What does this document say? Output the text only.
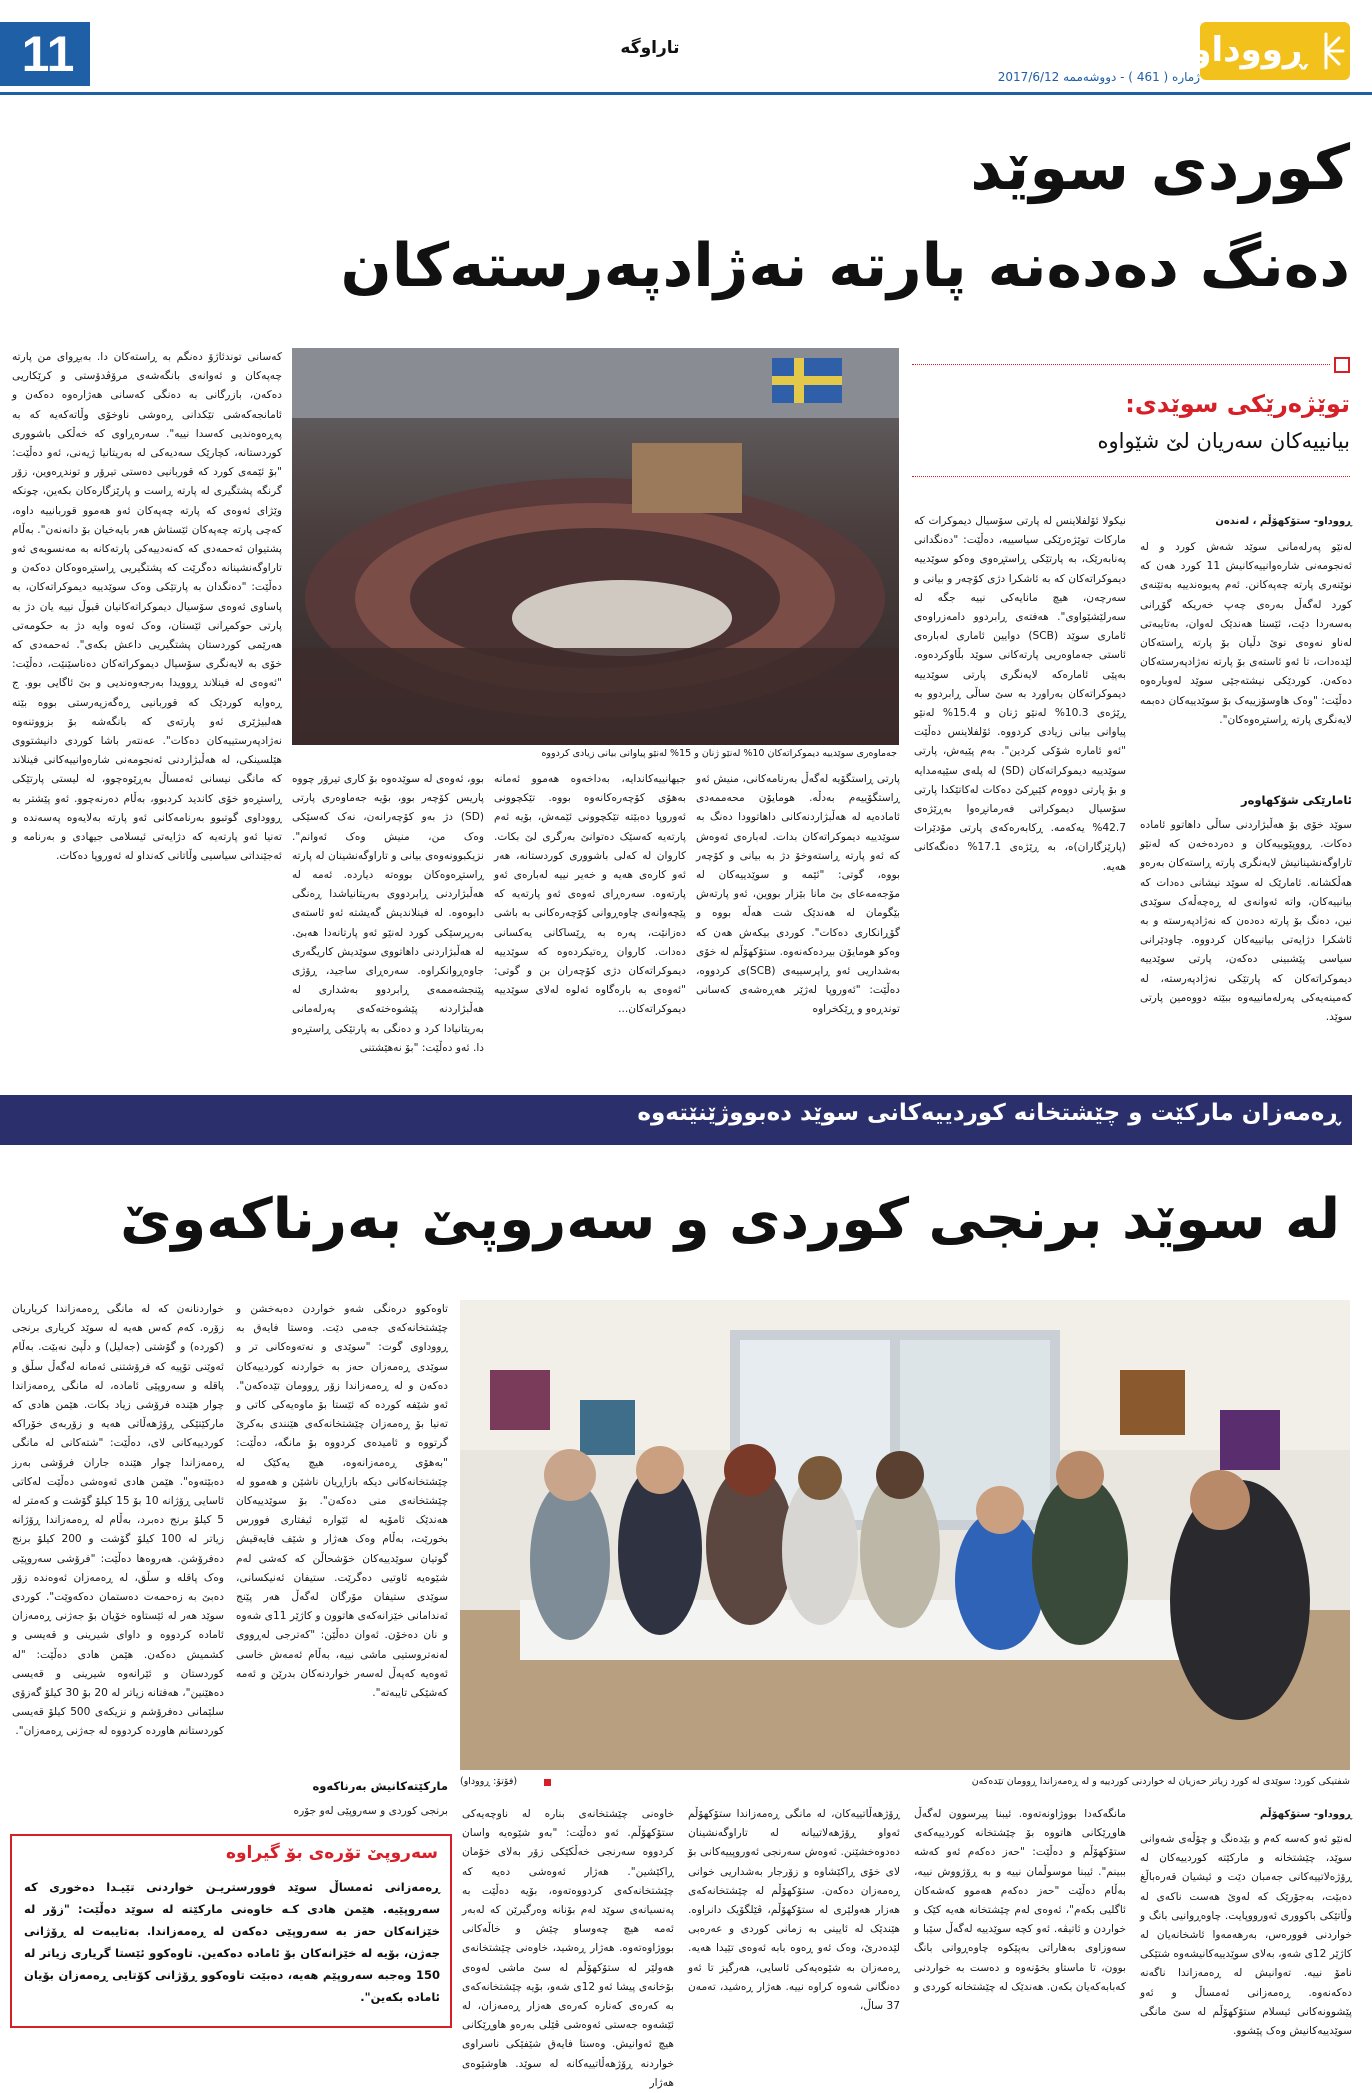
11	تاراوگە	ڕووداو
ژمارە ( 461 ) - دووشەممە 2017/6/12
کوردی سوێد
دەنگ دەدەنە پارتە نەژادپەرستەکان
توێژەرێکی سوێدی:
بیانییەکان سەریان لێ شێواوە
جەماوەری سوێدییە دیموکراتەکان 10% لەنێو ژنان و 15% لەنێو پیاوانی بیانی زیادی کردووە
ڕووداو- ستۆکهۆڵم ، لەندەن
لەنێو پەرلەمانی سوێد شەش کورد و لە ئەنجومەنی شارەوانییەکانیش 11 کورد هەن کە نوێنەری پارتە چەپەکانن. ئەم پەیوەندییە بەتێنەی کورد لەگەڵ بەرەی چەپ خەریکە گۆڕانی بەسەردا دێت، ئێستا هەندێک لەوان، بەتایبەتی لەناو نەوەی نوێ دڵیان بۆ پارتە ڕاستەکان لێدەدات، تا ئەو ئاستەی بۆ پارتە نەژادپەرستەکان دەکەن. کوردێکی نیشتەجێی سوێد لەوبارەوە دەڵێت: "وەک هاوسۆزییەک بۆ سوێدییەکان دەبمە لایەنگری پارتە ڕاستڕەوەکان".
ئامارێکی شۆکهاوەر
سوێد خۆی بۆ هەڵبژاردنی ساڵی داهاتوو ئامادە دەکات. ڕووپێوییەکان و دەردەخەن کە لەنێو تاراوگەنشینانیش لایەنگری پارتە ڕاستەکان بەرەو هەڵکشانە. ئامارێک لە سوێد نیشانی دەدات کە بیانییەکان، واتە ئەوانەی لە ڕەچەڵەک سوێدی نین، دەنگ بۆ پارتە دەدەن کە نەژادپەرستە و بە ئاشکرا دژایەتی بیانییەکان کردووە. چاودێرانی سیاسی پێشبینی دەکەن، پارتی سوێدییە دیموکراتەکان کە پارتێکی نەژادپەرستە، لە کەمینەیەکی پەرلەمانییەوە ببێتە دووەمین پارتی سوێد.
نیکولا ئۆلفلاینس لە پارتی سۆسیال دیموکرات کە مارکات توێژەرێکی سیاسییە، دەڵێت: "دەنگدانی پەنابەرێک، بە پارتێکی ڕاستڕەوی وەکو سوێدییە دیموکراتەکان کە بە ئاشکرا دژی کۆچەر و بیانی و سەرچەن، هیچ مانایەکی نییە جگە لە سەرلێشێواوی". هەفتەی ڕابردوو دامەزراوەی ئاماری سوێد (SCB) دوایین ئاماری لەبارەی ئاستی جەماوەریی پارتەکانی سوێد بڵاوکردەوە. بەپێی ئامارەکە لایەنگری پارتی سوێدییە دیموکراتەکان بەراورد بە سێ ساڵی ڕابردوو بە ڕێژەی 10.3% لەنێو ژنان و 15.4% لەنێو پیاوانی بیانی زیادی کردووە. ئۆلفلاینس دەڵێت "ئەو ئامارە شۆکی کردین". بەم پێیەش، پارتی سوێدییە دیموکراتەکان (SD) لە پلەی سێیەمدایە و بۆ پارتی دووەم کێبڕکێ دەکات لەکاتێکدا پارتی سۆسیال دیموکراتی فەرمانڕەوا بەڕێژەی 42.7% یەکەمە. ڕکابەرەکەی پارتی مۆدێرات (پارێزگاران)ە، بە ڕێژەی 17.1% دەنگەکانی هەیە.
پارتی ڕاستگۆیە لەگەڵ بەرنامەکانی، منیش ئەو ڕاستگۆییەم بەدڵە. هومایۆن محەممەدی ئامادەیە لە هەڵبژاردنەکانی داهاتوودا دەنگ بە سوێدییە دیموکراتەکان بدات. لەبارەی ئەوەش کە ئەو پارتە ڕاستەوخۆ دژ بە بیانی و کۆچەر بووە، گوتی: "ئێمە و سوێدییەکان لە مۆجەمەعای بێ مانا بێزار بووین، ئەو پارتەش بێگومان لە هەندێک شت هەڵە بووە و گۆڕانکاری دەکات". کوردی بیکەش هەن کە وەکو هومایۆن بیردەکەنەوە. ستۆکهۆڵم لە خۆی بەشداریی ئەو ڕاپرسییەی (SCB)ی کردووە، دەڵێت: "ئەوروپا لەژێر هەڕەشەی کەسانی توندڕەو و ڕێکخراوە
جیهانییەکاندایە، بەداخەوە هەموو ئەمانە بەهۆی کۆچەرەکانەوە بووە. تێکچوونی ئەوروپا دەبێتە تێکچوونی ئێمەش، بۆیە ئەم پارتەیە کەسێک دەتوانێ بەرگری لێ بکات. کاروان لە کەلی باشووری کوردستانە، هەر ئەو کارەی هەیە و خەیر نییە لەبارەی ئەو پارتەوە. سەرەڕای ئەوەی ئەو پارتەیە کە پێچەوانەی چاوەڕوانی کۆچەرەکانی بە باشی دەزانێت، پەرە بە ڕێساکانی یەکسانی دەدات. کاروان ڕەتیکردەوە کە سوێدییە دیموکراتەکان دژی کۆچەران بن و گوتی: "ئەوەی بە بارەگاوە ئەلوە لەلای سوێدییە دیموکراتەکان...
بوو، ئەوەی لە سوێدەوە بۆ کاری تیرۆر چووە پاریس کۆچەر بوو، بۆیە جەماوەری پارتی (SD) دژ بەو کۆچەرانەن، نەک کەسێکی وەک من، منیش وەک ئەوانم". نزیکبوونەوەی بیانی و تاراوگەنشینان لە پارتە ڕاستڕەوەکان بووەتە دیاردە. ئەمە لە هەڵبژاردنی ڕابردووی بەریتانیاشدا ڕەنگی دابوەوە. لە فینلاندیش گەیشتە ئەو ئاستەی بەرپرسێکی کورد لەنێو ئەو پارتانەدا هەبێ. لە هەڵبژاردنی داهاتووی سوێدیش کاریگەری جاوەڕوانکراوە. سەرەڕای ساجید، ڕۆژی پێنجشەممەی ڕابردوو بەشداری لە هەڵبژاردنە پێشوەختەکەی پەرلەمانی بەریتانیادا کرد و دەنگی بە پارتێکی ڕاستڕەو دا. ئەو دەڵێت: "بۆ نەهێشتنی
کەسانی توندئاژۆ دەنگم بە ڕاستەکان دا. بەبڕوای من پارتە چەپەکان و ئەوانەی بانگەشەی مرۆڤدۆستی و کرێکاریی دەکەن، بازرگانی بە دەنگی کەسانی هەژارەوە دەکەن و ئامانجەکەشی تێکدانی ڕەوشی ناوخۆی وڵاتەکەیە کە بە پەڕەوەندیی کەسدا نییە". سەرەڕاوی کە خەڵکی باشووری کوردستانە، کچارێک سەدیەکی لە بەریتانیا ژیەنی، ئەو دەڵێت: "بۆ ئێمەی کورد کە قوربانیی دەستی تیرۆر و توندڕەوین، زۆر گرنگە پشتگیری لە پارتە ڕاست و پارێزگارەکان بکەین، چونکە وێژای ئەوەی کە پارتە چەپەکان ئەو هەموو قوربانییە داوە، کەچی پارتە چەپەکان ئێستاش هەر بایەخیان بۆ دانەنەن". بەڵام پشتیوان ئەحمەدی کە کەنەدییەکی پارتەکانە بە مەنسوبەی ئەو تاراوگەنشینانە دەگرێت کە پشتگیریی ڕاستڕەوەکان دەکەن و دەڵێت: "دەنگدان بە پارتێکی وەک سوێدییە دیموکراتەکان، بە پاساوی ئەوەی سۆسیال دیموکراتەکانیان قبوڵ نییە یان دژ بە پارتی حوکمڕانی ئێستان، وەک ئەوە وایە دژ بە حکومەتی هەرێمی کوردستان پشتگیریی داعش بکەی". ئەحمەدی کە خۆی بە لایەنگری سۆسیال دیموکراتەکان دەناسێنێت، دەڵێت: "ئەوەی لە فینلاند ڕوویدا بەرجەوەندیی و بێ ئاگایی بوو. ج ڕەوایە کوردێک کە قوربانیی ڕەگەزپەرستی بووە بێتە هەلبیژێری ئەو پارتەی کە بانگەشە بۆ بزووتنەوە نەژادپەرستییەکان دەکات". عەنتەر باشا کوردی دانیشتووی هێلسینکی، لە هەڵبژاردنی ئەنجومەنی شارەوانییەکانی فینلاند کە مانگی نیسانی ئەمساڵ بەڕێوەچوو، لە لیستی پارتێکی ڕاستڕەو خۆی کاندید کردبوو، بەڵام دەرنەچوو. ئەو پێشتر بە ڕووداوی گوتبوو بەرنامەکانی ئەو پارتە بەلایەوە پەسەندە و تەنیا ئەو پارتەیە کە دژایەتی ئیسلامی جیهادی و بەرنامە و ئەجێنداتی سیاسیی وڵاتانی کەنداو لە ئەوروپا دەکات.
ڕەمەزان مارکێت و چێشتخانە کوردییەکانی سوێد دەبووژێنێتەوە
لە سوێد برنجی کوردی و سەروپێ بەرناکەوێ
(فۆتۆ: ڕووداو)	شفتیکی کورد: سوێدی لە کورد زیاتر حەزیان لە خواردنی کوردییە و لە ڕەمەزاندا ڕوومان تێدەکەن
ڕووداو- ستۆکهۆڵم
لەنێو ئەو کەسە کەم و بێدەنگ و چۆڵەی شەوانی سوێد، چێشتخانە و مارکێتە کوردییەکان لە ڕۆژەلاتییەکانی جەمبان دێت و ئیشیان قەرەباڵغ دەبێت، بەجۆرێک کە لەوێ هەست ناکەی لە وڵاتێکی باکووری ئەورووپایت. چاوەڕوانیی بانگ و خواردنی فوورەس، بەرهەمەوا ئاشخانەیان لە کاژێر 12ی شەو، بەلای سوێدییەکانیشەوە شتێکی نامۆ نییە. تەوانیش لە ڕەمەزاندا ناگەنە دەکەنەوە. ڕەمەزانی ئەمساڵ و ئەو پێشوونەکانی ئیسلام ستۆکهۆڵم لە سێ مانگی سوێدییەکانیش وەک پێشوو.
مانگەکەدا بووژاونەتەوە. ئیبنا پیرسوون لەگەڵ هاوڕێکانی هاتووە بۆ چێشتخانە کوردییەکەی ستۆکهۆڵم و دەڵێت: "حەز دەکەم ئەو کەشە ببینم". ئیبنا موسوڵمان نییە و بە ڕۆژووش نییە، بەڵام دەڵێت "حەز دەکەم هەموو کەشەکان ئاگلیی بکەم"، ئەوەی لەم چێشتخانە هەیە کێک و خواردن و ئاتیڤە. ئەو کچە سوێدییە لەگەڵ سێبا و سەوزاوی بەهاراتی بەپێکوە چاوەڕوانی بانگ بوون، تا ماستاو بخۆنەوە و دەست بە خواردنی کەبابەکەیان بکەن. هەندێک لە چێشتخانە کوردی و
ڕۆژهەڵاتییەکان، لە مانگی ڕەمەزاندا ستۆکهۆڵم ئەواو ڕۆژهەلاتییانە لە تاراوگەنشینان دەدوەخشێنن. ئەوەش سەرنجی ئەوروپییەکانی بۆ لای خۆی ڕاکێشاوە و زۆرجار بەشداریی خوانی ڕەمەزان دەکەن. ستۆکهۆڵم لە چێشتخانەکەی هەزار هەولێری لە ستۆکهۆڵم، ڤێلگۆیک دانراوە. هێندێک لە ئایینی بە زمانی کوردی و عەرەبی لێدەدرێ، وەک ئەو ڕەوە بابە ئەوەی تێیدا هەیە. ڕەمەزان بە شێوەیەکی ئاسایی، هەرگیز تا ئەو دەنگانی شەوە کراوە نییە. هەژار ڕەشید، تەمەن 37 ساڵ،
خاوەنی چێشتخانەی بنارە لە ناوچەیەکی ستۆکهۆڵم. ئەو دەڵێت: "بەو شێوەیە واسان کردووە سەرنجی خەڵکێکی زۆر بەلای خۆمان ڕاکێشین". هەژار ئەوەشی دەیە کە چێشتخانەکەی کردووەتەوە، بۆیە دەڵێت بە پەنسیانەی سوێد لەم بۆنانە وەرگیرێن کە لەبەر ئەمە هیچ چەوساو چێش و خاڵەکانی بووژاوەتەوە. هەژار ڕەشید، خاوەنی چێشتخانەی هەولێر لە ستۆکهۆڵم لە سێ ماشی لەوەی بۆخانەی پیشا ئەو 12ی شەو، بۆیە چێشتخانەکەی بە کەرەی کەنارە کەرەی هەزار ڕەمەزان، لە ئێشەوە جەستی ئەوەشی ڤێلی بەرەو هاوڕێکانی هیچ ئەوانیش. وەستا فایەق شێفێکی ناسراوی خواردنە ڕۆژهەڵاتییەکانە لە سوێد. هاوشێوەی هەژار
تاوەکوو درەنگی شەو خواردن دەبەخشن و چێشتخانەکەی جەمی دێت. وەستا فایەق بە ڕووداوی گوت: "سوێدی و نەتەوەکانی تر و سوێدی ڕەمەزان حەز بە خواردنە کوردییەکان دەکەن و لە ڕەمەزاندا زۆر ڕوومان تێدەکەن". ئەو شێفە کوردە کە ئێستا بۆ ماوەیەکی کاتی و تەنیا بۆ ڕەمەزان چێشتخانەکەی هێنندی بەکرێ گرتووە و ئامیدەی کردووە بۆ مانگە، دەڵێت: "بەهۆی ڕەمەزانەوە، هیچ یەکێک لە چێشتخانەکانی دیکە بازاڕیان ناشێن و هەموو لە چێشتخانەی منی دەکەن". بۆ سوێدییەکان هەندێک ئامۆیە لە ئێوارە ئیفتاری فوورس بخورێت، بەڵام وەک هەژار و شێف فایەقیش گوتیان سوێدییەکان خۆشحاڵن کە کەشی لەم شێوەیە ئاوتیی دەگرێت. ستیفان ئەنیکسانی، سوێدی ستیفان مۆرگان لەگەڵ هەر پێنج ئەندامانی خێزانەکەی هاتوون و کاژێر 11ی شەوە و نان دەخۆن. ئەوان دەڵێن: "کەترجی لەڕووی لەنەتروستیی ماشی نییە، بەڵام ئەمەش خاسی ئەوەیە کەپەڵ لەسەر خواردنەکان بدرێن و ئەمە کەشێکی تایبەتە".
مارکێتەکانیش بەرناکەوە
برنجی کوردی و سەروپێی لەو جۆرە
خواردنانەن کە لە مانگی ڕەمەزاندا کریاریان زۆرە. کەم کەس هەیە لە سوێد کریاری برنجی (کوردە) و گۆشتی (جەلیل) و دڵپێ نەبێت. بەڵام ئەوێنی تۆپیە کە فرۆشتنی ئەمانە لەگەڵ سڵق و پاقلە و سەروپێی ئامادە، لە مانگی ڕەمەزاندا چوار هێندە فرۆشی زیاد بکات. هێمن هادی کە مارکێتێکی ڕۆژهەڵاتی هەیە و زۆربەی خۆراکە کوردییەکانی لای، دەڵێت: "شتەکانی لە مانگی ڕەمەزاندا چوار هێندە جاران فرۆشی بەرز دەبێتەوە". هێمن هادی ئەوەشی دەڵێت لەکاتی ئاسایی ڕۆژانە 10 بۆ 15 کیلۆ گۆشت و کەمتر لە 5 کیلۆ برنج دەبرد، بەڵام لە ڕەمەزاندا ڕۆژانە زیاتر لە 100 کیلۆ گۆشت و 200 کیلۆ برنج دەفرۆشن. هەروەها دەڵێت: "فرۆشی سەروپێی وەک پاقلە و سڵق، لە ڕەمەزان ئەوەندە زۆر دەبێ بە زەحمەت دەستمان دەکەوێت". کوردی سوێد هەر لە ئێستاوە خۆیان بۆ جەژنی ڕەمەزان ئامادە کردووە و داوای شیرینی و قەیسی و کشمیش دەکەن. هێمن هادی دەڵێت: "لە کوردستان و ئێرانەوە شیرینی و قەیسی دەهێنین"، هەفتانە زیاتر لە 20 بۆ 30 کیلۆ گەزۆی سلێمانی دەفرۆشم و نزیکەی 500 کیلۆ قەیسی کوردستانم هاوردە کردووە لە جەژنی ڕەمەزان".
سەروپێ تۆرەی بۆ گیراوە
ڕەمەزانی ئەمساڵ سوێد فوورستریـن خواردنی تێیـدا دەخوری کە سەروپێیە. هێمن هادی کـە خاوەنی مارکێتە لە سوێد دەڵێت: "زۆر لە خێزانەکان حەز بە سەروپێی دەکەن لە ڕەمەزاندا. بەتایبەت لە ڕۆژانی جەژن، بۆیە لە خێزانەکان بۆ ئامادە دەکەین. تاوەکوو ئێستا گریاری زیاتر لە 150 وەجبە سەروپێم هەیە، دەبێت تاوەکوو ڕۆژانی کۆتایی ڕەمەزان بۆیان ئامادە بکەین".
